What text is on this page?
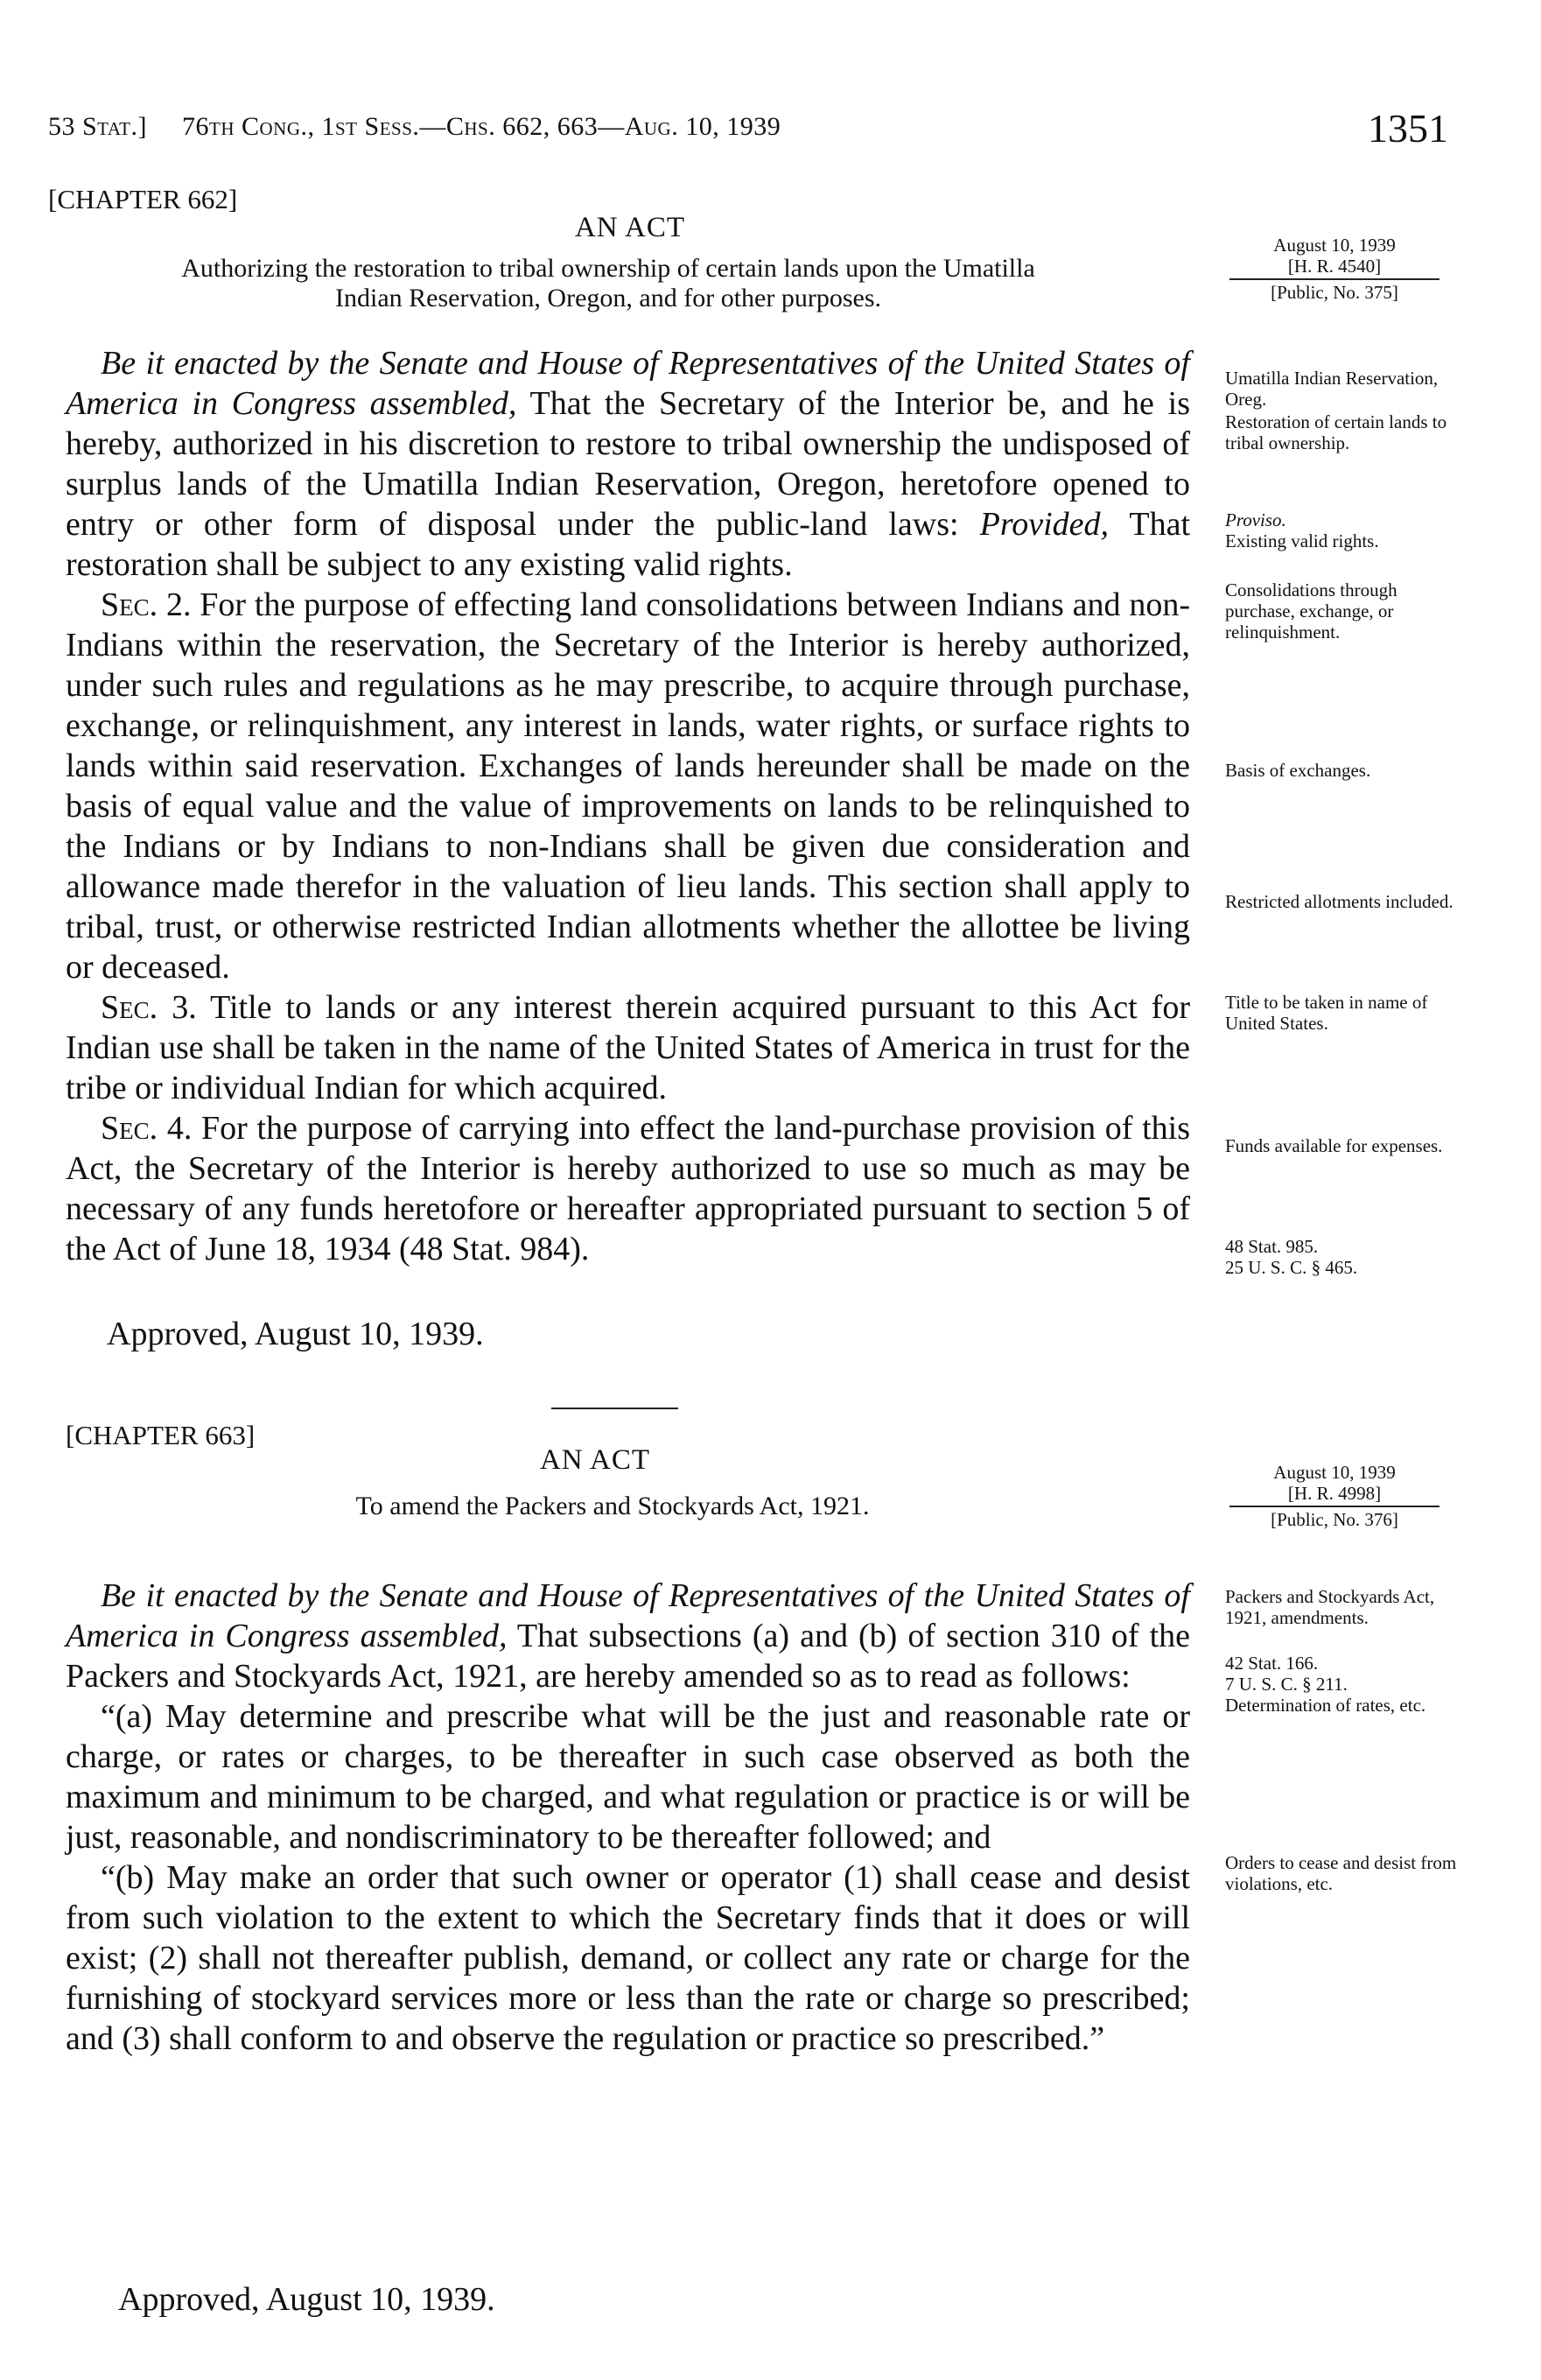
53 Stat.] 76th Cong., 1st Sess.—Chs. 662, 663—Aug. 10, 1939	1351
[CHAPTER 662]
AN ACT
Authorizing the restoration to tribal ownership of certain lands upon the Umatilla
Indian Reservation, Oregon, and for other purposes.
August 10, 1939
[H. R. 4540]
[Public, No. 375]

Be it enacted by the Senate and House of Representatives of the United States of America in Congress assembled, That the Secretary of the Interior be, and he is hereby, authorized in his discretion to restore to tribal ownership the undisposed of surplus lands of the Umatilla Indian Reservation, Oregon, heretofore opened to entry or other form of disposal under the public-land laws: Provided, That restoration shall be subject to any existing valid rights.

Sec. 2. For the purpose of effecting land consolidations between Indians and non-Indians within the reservation, the Secretary of the Interior is hereby authorized, under such rules and regulations as he may prescribe, to acquire through purchase, exchange, or relinquishment, any interest in lands, water rights, or surface rights to lands within said reservation. Exchanges of lands hereunder shall be made on the basis of equal value and the value of improvements on lands to be relinquished to the Indians or by Indians to non-Indians shall be given due consideration and allowance made therefor in the valuation of lieu lands. This section shall apply to tribal, trust, or otherwise restricted Indian allotments whether the allottee be living or deceased.

Sec. 3. Title to lands or any interest therein acquired pursuant to this Act for Indian use shall be taken in the name of the United States of America in trust for the tribe or individual Indian for which acquired.

Sec. 4. For the purpose of carrying into effect the land-purchase provision of this Act, the Secretary of the Interior is hereby authorized to use so much as may be necessary of any funds heretofore or hereafter appropriated pursuant to section 5 of the Act of June 18, 1934 (48 Stat. 984).

Approved, August 10, 1939.
Umatilla Indian Reservation, Oreg.
Restoration of certain lands to tribal ownership.
Proviso.
Existing valid rights.
Consolidations through purchase, exchange, or relinquishment.
Basis of exchanges.
Restricted allotments included.
Title to be taken in name of United States.
Funds available for expenses.
48 Stat. 985.
25 U. S. C. § 465.
[CHAPTER 663]
AN ACT
To amend the Packers and Stockyards Act, 1921.
August 10, 1939
[H. R. 4998]
[Public, No. 376]

Be it enacted by the Senate and House of Representatives of the United States of America in Congress assembled, That subsections (a) and (b) of section 310 of the Packers and Stockyards Act, 1921, are hereby amended so as to read as follows:

“(a) May determine and prescribe what will be the just and reasonable rate or charge, or rates or charges, to be thereafter in such case observed as both the maximum and minimum to be charged, and what regulation or practice is or will be just, reasonable, and nondiscriminatory to be thereafter followed; and

“(b) May make an order that such owner or operator (1) shall cease and desist from such violation to the extent to which the Secretary finds that it does or will exist; (2) shall not thereafter publish, demand, or collect any rate or charge for the furnishing of stockyard services more or less than the rate or charge so prescribed; and (3) shall conform to and observe the regulation or practice so prescribed.”

Approved, August 10, 1939.
Packers and Stockyards Act, 1921, amendments.
42 Stat. 166.
7 U. S. C. § 211.
Determination of rates, etc.
Orders to cease and desist from violations, etc.
